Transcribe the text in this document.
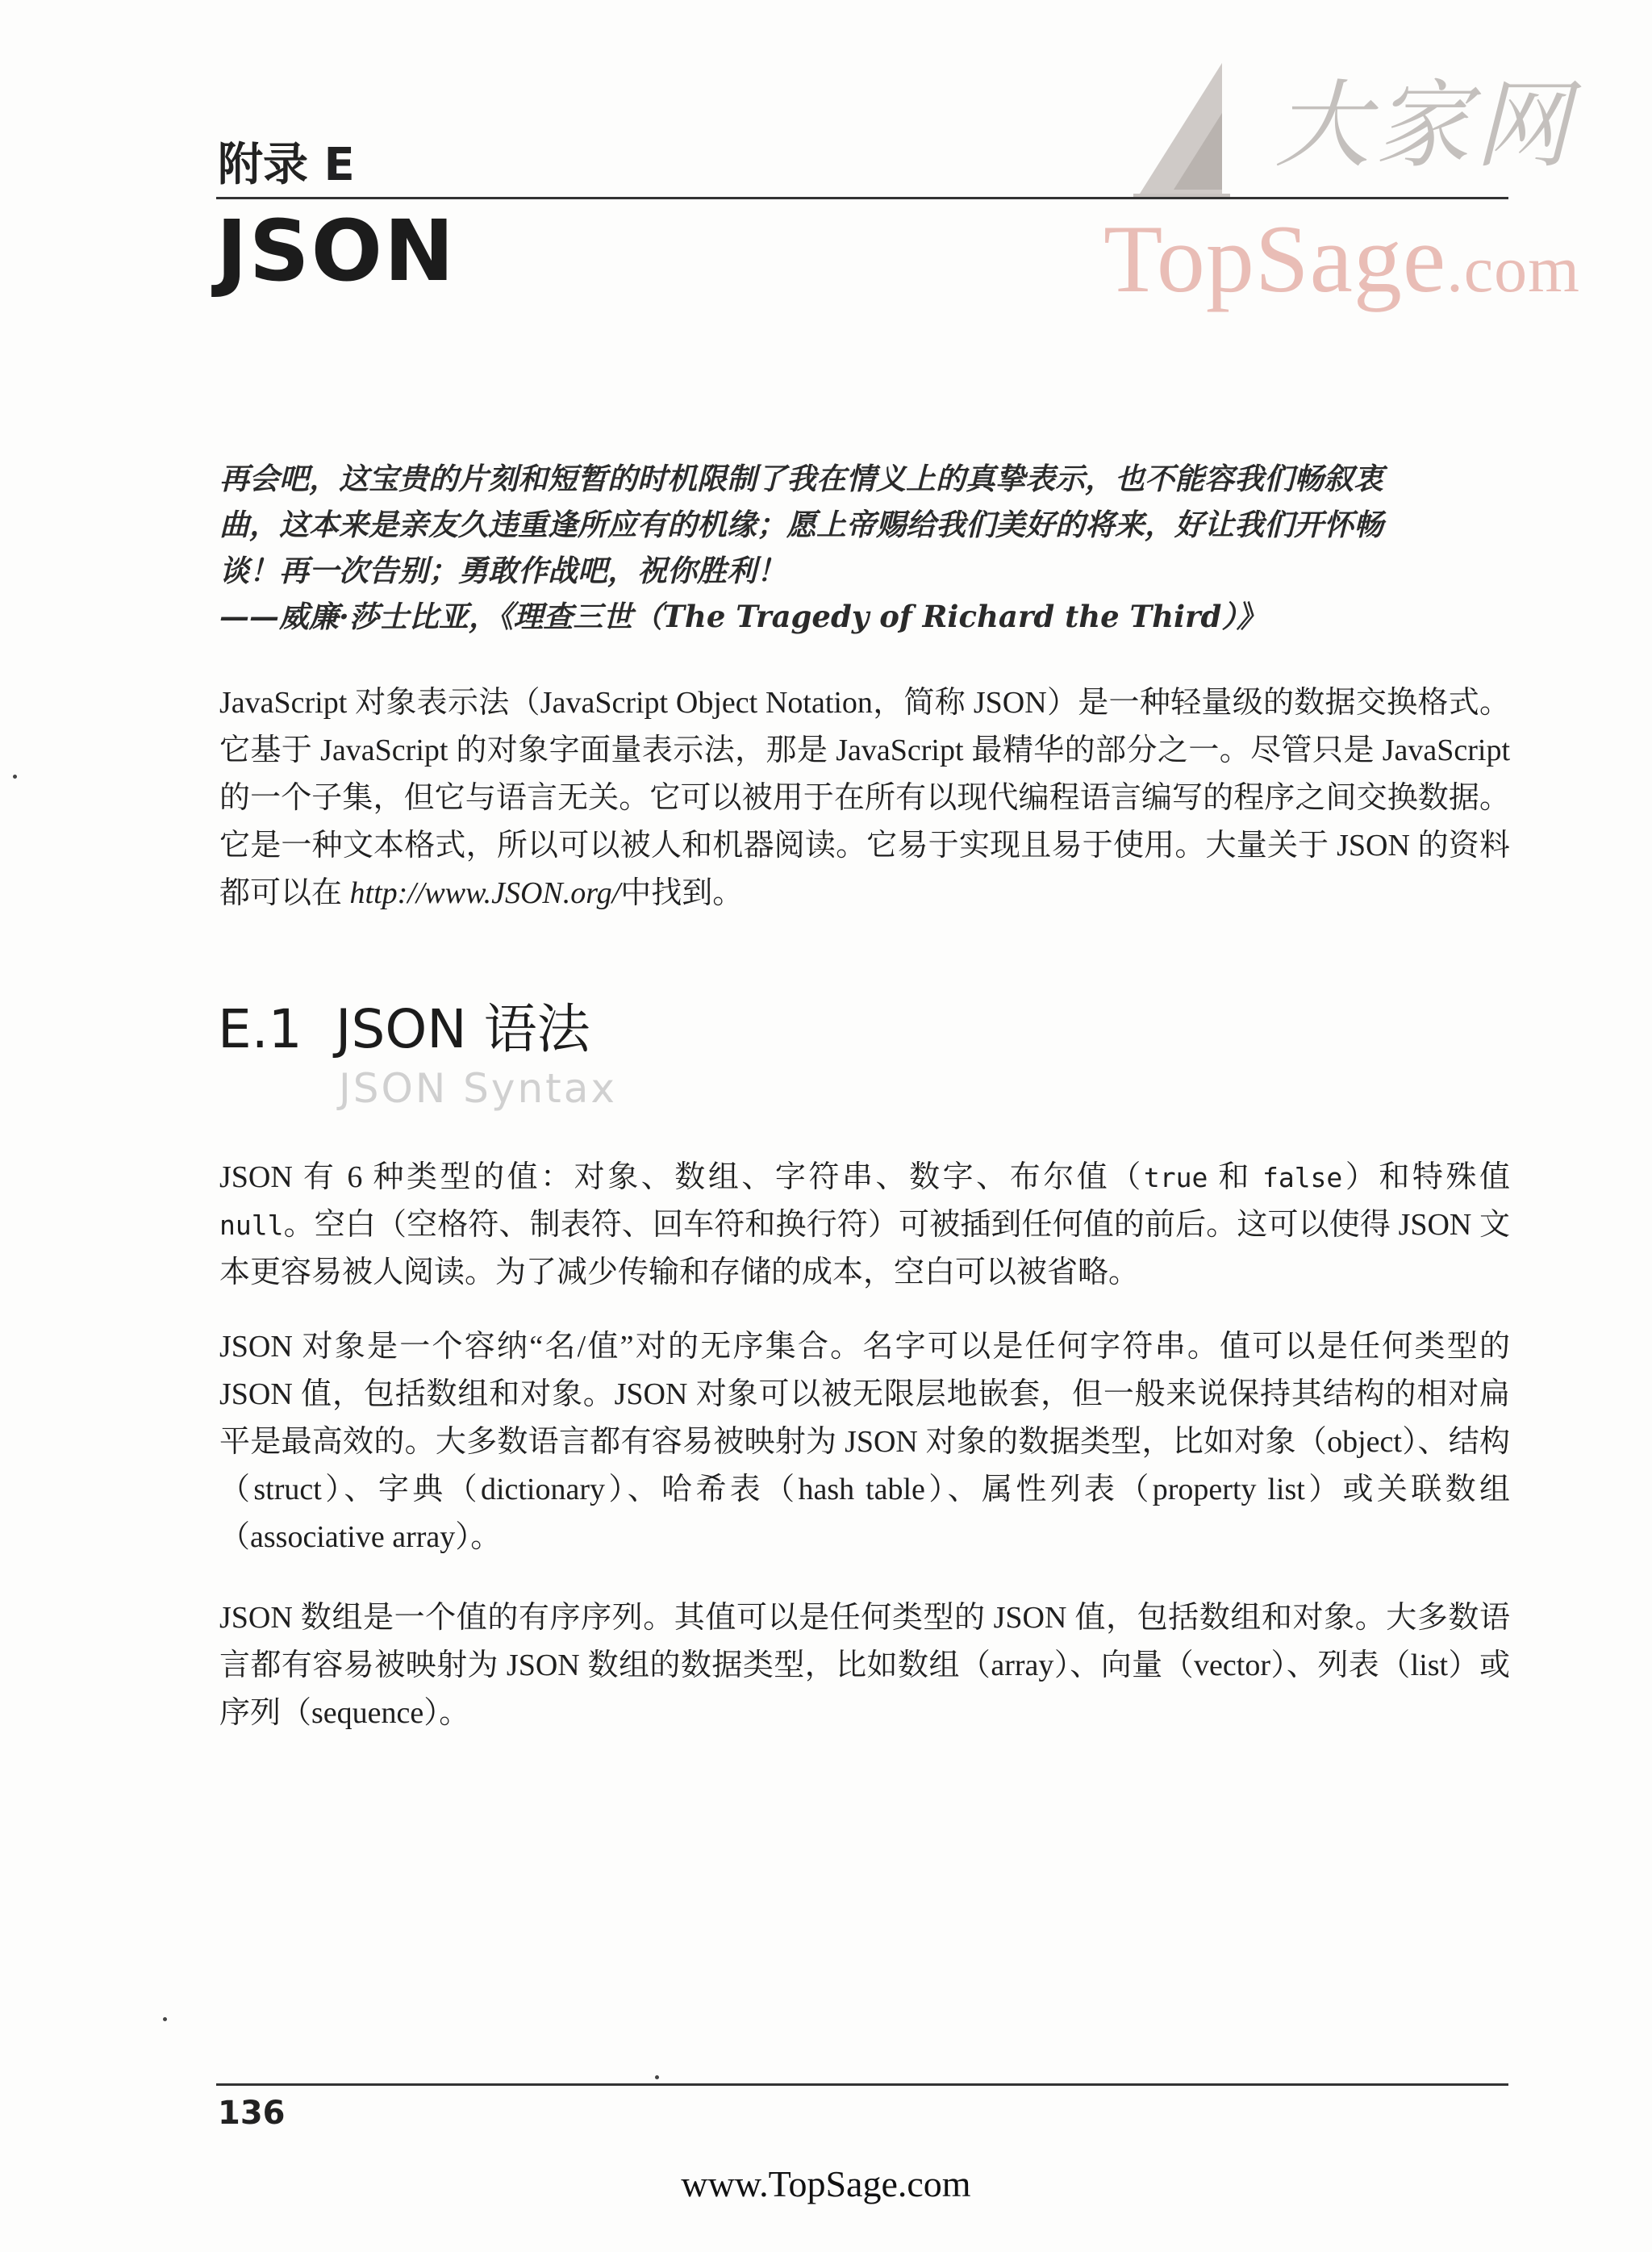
大家网
TopSage.com
附录 E
JSON

再会吧，这宝贵的片刻和短暂的时机限制了我在情义上的真挚表示，也不能容我们畅叙衷

曲，这本来是亲友久违重逢所应有的机缘；愿上帝赐给我们美好的将来，好让我们开怀畅

谈！再一次告别；勇敢作战吧，祝你胜利！

——威廉·莎士比亚，《理查三世（The Tragedy of Richard the Third）》

JavaScript 对象表示法（JavaScript Object Notation，简称 JSON）是一种轻量级的数据交换格式。它基于 JavaScript 的对象字面量表示法，那是 JavaScript 最精华的部分之一。尽管只是 JavaScript 的一个子集，但它与语言无关。它可以被用于在所有以现代编程语言编写的程序之间交换数据。它是一种文本格式，所以可以被人和机器阅读。它易于实现且易于使用。大量关于 JSON 的资料都可以在 http://www.JSON.org/中找到。

E.1 JSON 语法
JSON Syntax

JSON 有 6 种类型的值：对象、数组、字符串、数字、布尔值（true 和 false）和特殊值 null。空白（空格符、制表符、回车符和换行符）可被插到任何值的前后。这可以使得 JSON 文本更容易被人阅读。为了减少传输和存储的成本，空白可以被省略。

JSON 对象是一个容纳“名/值”对的无序集合。名字可以是任何字符串。值可以是任何类型的 JSON 值，包括数组和对象。JSON 对象可以被无限层地嵌套，但一般来说保持其结构的相对扁平是最高效的。大多数语言都有容易被映射为 JSON 对象的数据类型，比如对象（object）、结构（struct）、字典（dictionary）、哈希表（hash table）、属性列表（property list）或关联数组（associative array）。

JSON 数组是一个值的有序序列。其值可以是任何类型的 JSON 值，包括数组和对象。大多数语言都有容易被映射为 JSON 数组的数据类型，比如数组（array）、向量（vector）、列表（list）或序列（sequence）。

136
www.TopSage.com
